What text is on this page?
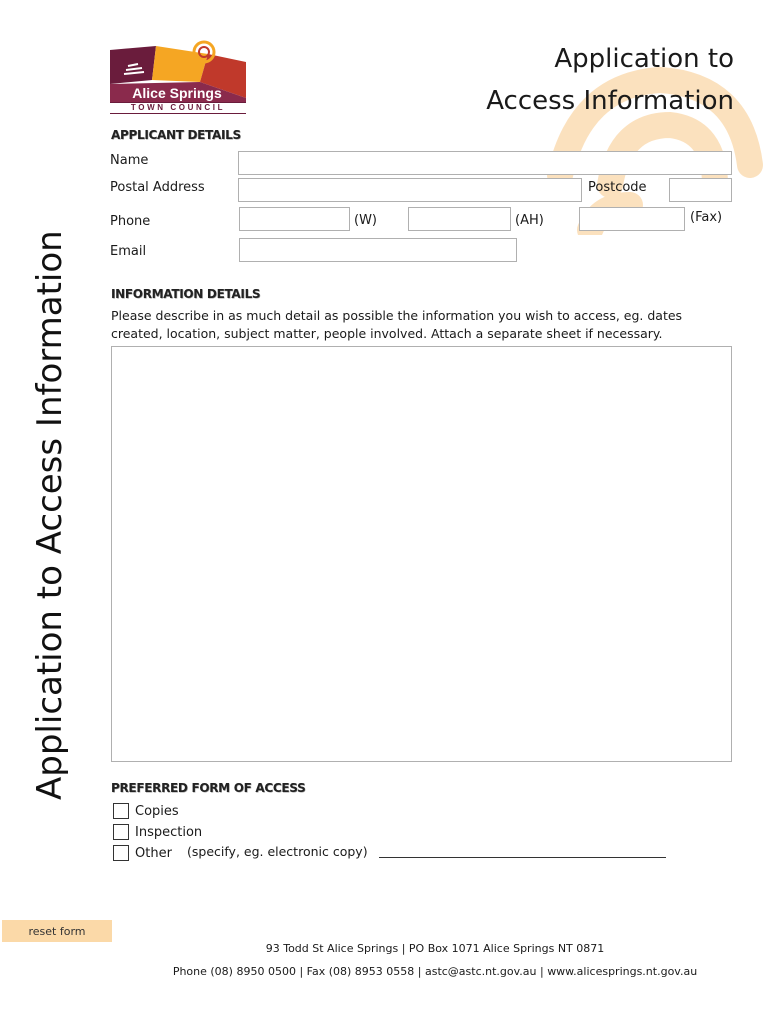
Alice Springs
TOWN COUNCIL
Application to
Access Information
Application to Access Information
APPLICANT DETAILS
Name
Postal Address	Postcode
Phone	(W)	(AH)	(Fax)
Email
INFORMATION DETAILS
Please describe in as much detail as possible the information you wish to access, eg. dates created, location, subject matter, people involved. Attach a separate sheet if necessary.
PREFERRED FORM OF ACCESS
Copies
Inspection
Other (specify, eg. electronic copy)
reset form
93 Todd St Alice Springs | PO Box 1071 Alice Springs NT 0871
Phone (08) 8950 0500 | Fax (08) 8953 0558 | astc@astc.nt.gov.au | www.alicesprings.nt.gov.au
